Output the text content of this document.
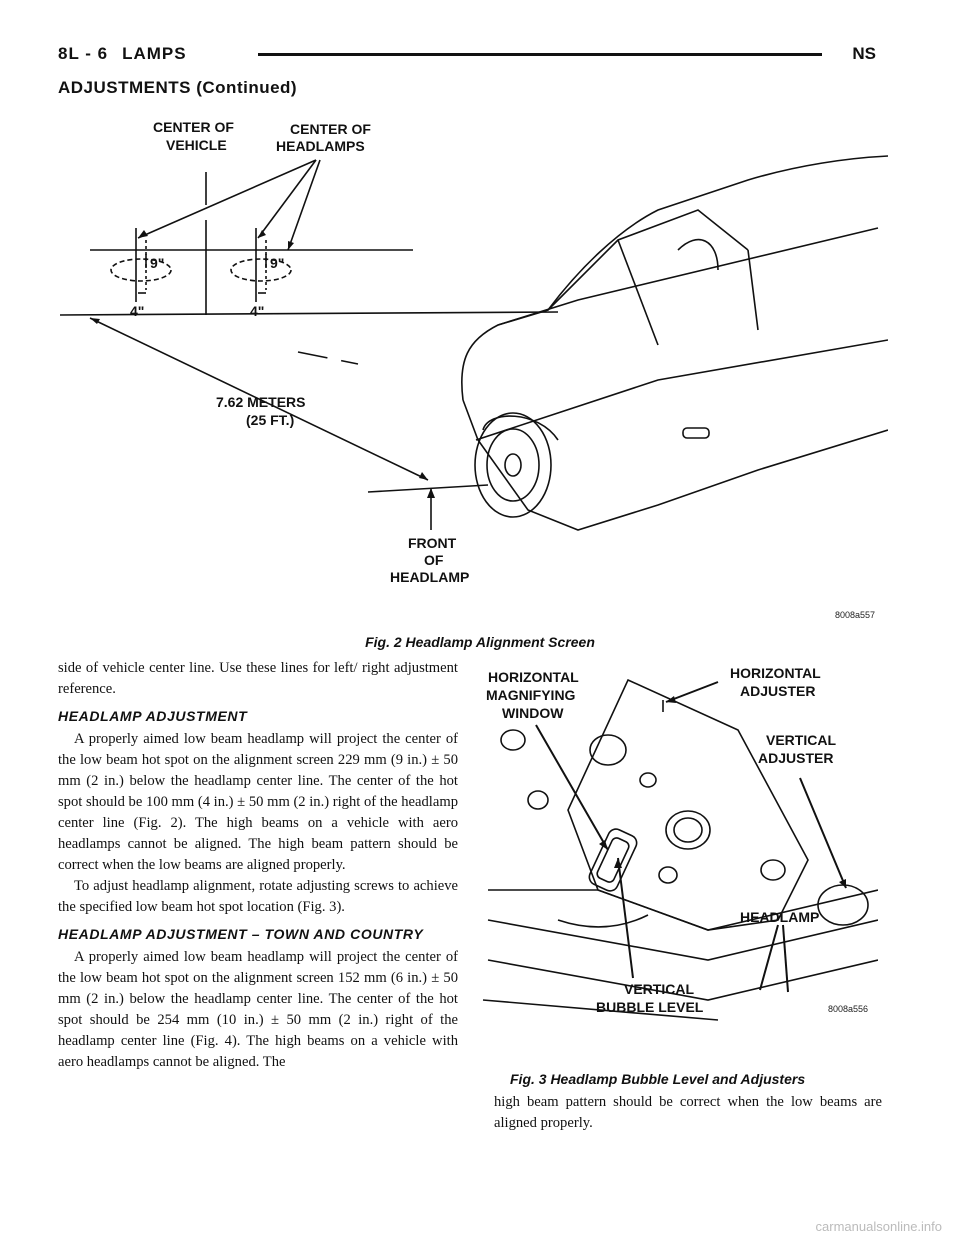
8L - 6 LAMPS	NS
ADJUSTMENTS (Continued)
CENTER OF
VEHICLE
CENTER OF
HEADLAMPS
9"	9"
4"	4"
7.62 METERS
(25 FT.)
FRONT
OF
HEADLAMP
8008a557
Fig. 2 Headlamp Alignment Screen

side of vehicle center line. Use these lines for left/ right adjustment reference.

HEADLAMP ADJUSTMENT

A properly aimed low beam headlamp will project the center of the low beam hot spot on the alignment screen 229 mm (9 in.) ± 50 mm (2 in.) below the headlamp center line. The center of the hot spot should be 100 mm (4 in.) ± 50 mm (2 in.) right of the headlamp center line (Fig. 2). The high beams on a vehicle with aero headlamps cannot be aligned. The high beam pattern should be correct when the low beams are aligned properly.

To adjust headlamp alignment, rotate adjusting screws to achieve the specified low beam hot spot location (Fig. 3).

HEADLAMP ADJUSTMENT – TOWN AND COUNTRY

A properly aimed low beam headlamp will project the center of the low beam hot spot on the alignment screen 152 mm (6 in.) ± 50 mm (2 in.) below the headlamp center line. The center of the hot spot should be 254 mm (10 in.) ± 50 mm (2 in.) right of the headlamp center line (Fig. 4). The high beams on a vehicle with aero headlamps cannot be aligned. The

HORIZONTAL
MAGNIFYING
WINDOW
HORIZONTAL
ADJUSTER
VERTICAL
ADJUSTER
HEADLAMP
VERTICAL
BUBBLE LEVEL	8008a556
Fig. 3 Headlamp Bubble Level and Adjusters

high beam pattern should be correct when the low beams are aligned properly.

carmanualsonline.info
